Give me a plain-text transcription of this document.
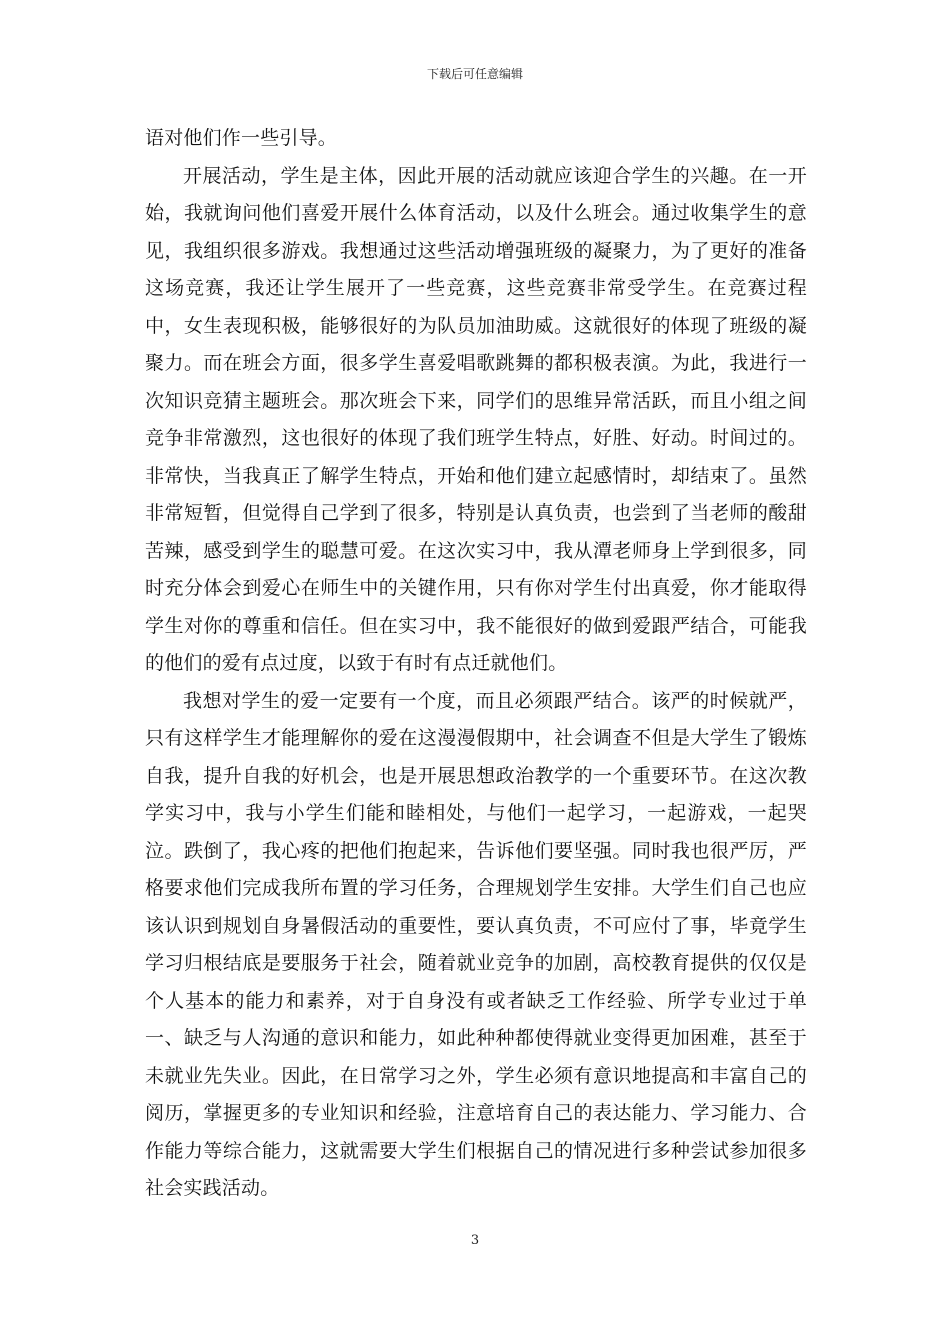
下载后可任意编辑

语对他们作一些引导。

开展活动，学生是主体，因此开展的活动就应该迎合学生的兴趣。在一开始，我就询问他们喜爱开展什么体育活动，以及什么班会。通过收集学生的意见，我组织很多游戏。我想通过这些活动增强班级的凝聚力，为了更好的准备这场竞赛，我还让学生展开了一些竞赛，这些竞赛非常受学生。在竞赛过程中，女生表现积极，能够很好的为队员加油助威。这就很好的体现了班级的凝聚力。而在班会方面，很多学生喜爱唱歌跳舞的都积极表演。为此，我进行一次知识竞猜主题班会。那次班会下来，同学们的思维异常活跃，而且小组之间竞争非常激烈，这也很好的体现了我们班学生特点，好胜、好动。时间过的。非常快，当我真正了解学生特点，开始和他们建立起感情时，却结束了。虽然非常短暂，但觉得自己学到了很多，特别是认真负责，也尝到了当老师的酸甜苦辣，感受到学生的聪慧可爱。在这次实习中，我从潭老师身上学到很多，同时充分体会到爱心在师生中的关键作用，只有你对学生付出真爱，你才能取得学生对你的尊重和信任。但在实习中，我不能很好的做到爱跟严结合，可能我的他们的爱有点过度，以致于有时有点迁就他们。

我想对学生的爱一定要有一个度，而且必须跟严结合。该严的时候就严，只有这样学生才能理解你的爱在这漫漫假期中，社会调查不但是大学生了锻炼自我，提升自我的好机会，也是开展思想政治教学的一个重要环节。在这次教学实习中，我与小学生们能和睦相处，与他们一起学习，一起游戏，一起哭泣。跌倒了，我心疼的把他们抱起来，告诉他们要坚强。同时我也很严厉，严格要求他们完成我所布置的学习任务，合理规划学生安排。大学生们自己也应该认识到规划自身暑假活动的重要性，要认真负责，不可应付了事，毕竟学生学习归根结底是要服务于社会，随着就业竞争的加剧，高校教育提供的仅仅是个人基本的能力和素养，对于自身没有或者缺乏工作经验、所学专业过于单一、缺乏与人沟通的意识和能力，如此种种都使得就业变得更加困难，甚至于未就业先失业。因此，在日常学习之外，学生必须有意识地提高和丰富自己的阅历，掌握更多的专业知识和经验，注意培育自己的表达能力、学习能力、合作能力等综合能力，这就需要大学生们根据自己的情况进行多种尝试参加很多社会实践活动。

3
